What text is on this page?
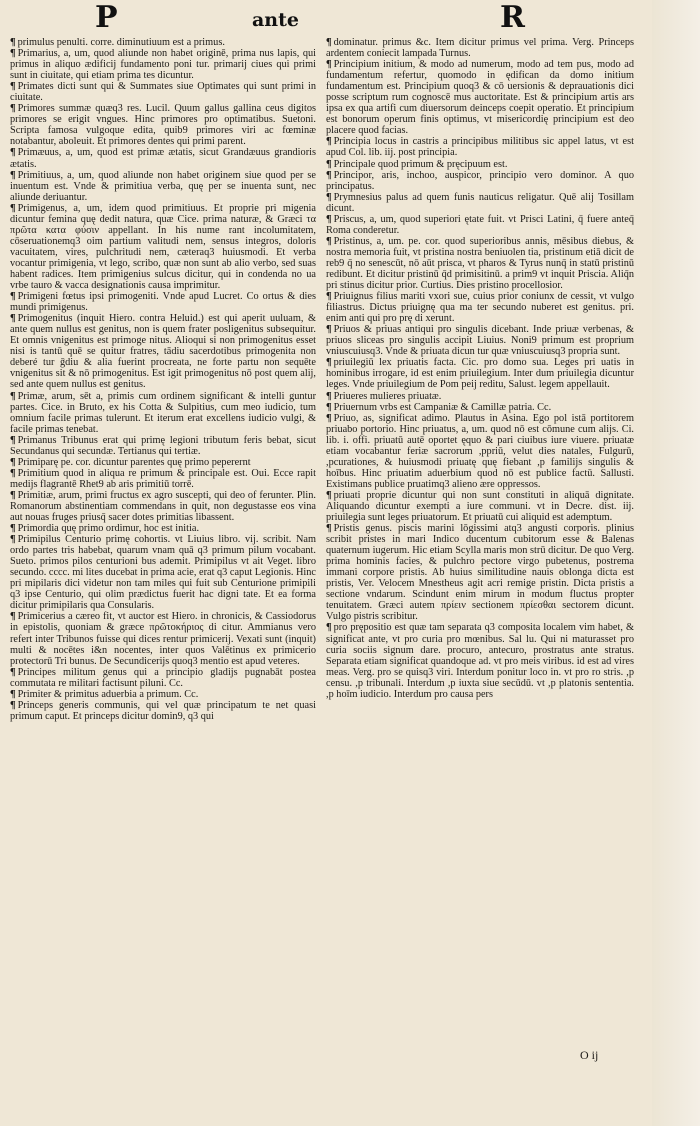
P	ante	R

¶ primulus penulti. corre. diminutiuum est a primus.

¶ Primarius, a, um, quod aliunde non habet originē, prima nus lapis, qui primus in aliquo ædificij fundamento poni tur. primarij ciues qui primi sunt in ciuitate, qui etiam prima tes dicuntur.

¶ Primates dicti sunt qui & Summates siue Optimates qui sunt primi in ciuitate.

¶ Primores summæ quæq3 res. Lucil. Quum gallus gallina ceus digitos primores se erigit vngues. Hinc primores pro optimatibus. Suetoni. Scripta famosa vulgoque edita, quib9 primores viri ac fœminæ notabantur, aboleuit. Et primores dentes qui primi parent.

¶ Primæuus, a, um, quod est primæ ætatis, sicut Grandæuus grandioris ætatis.

¶ Primitiuus, a, um, quod aliunde non habet originem siue quod per se inuentum est. Vnde & primitiua verba, quę per se inuenta sunt, nec aliunde deriuantur.

¶ Primigenus, a, um, idem quod primitiuus. Et proprie pri migenia dicuntur femina quę dedit natura, quæ Cice. prima naturæ, & Græci τα πρῶτα κατα φύσιν appellant. In his nume rant incolumitatem, cōseruationemq3 oim partium valitudi nem, sensus integros, doloris vacuitatem, vires, pulchritudi nem, cæteraq3 huiusmodi. Et verba vocantur primigenia, vt lego, scribo, quæ non sunt ab alio verbo, sed suas habent radices. Item primigenius sulcus dicitur, qui in condenda no ua vrbe tauro & vacca designationis causa imprimitur.

¶ Primigeni fœtus ipsi primogeniti. Vnde apud Lucret. Co ortus & dies mundi primigenus.

¶ Primogenitus (inquit Hiero. contra Heluid.) est qui aperit uuluam, & ante quem nullus est genitus, non is quem frater posligenitus subsequitur. Et omnis vnigenitus est primoge nitus. Alioqui si non primogenitus esset nisi is tantū quē se quitur fratres, tādiu sacerdotibus primogenita non deberé tur ḡdiu & alia fuerint procreata, ne forte partu non sequēte vnigenitus sit & nō primogenitus. Est igit primogenitus nō post quem alij, sed ante quem nullus est genitus.

¶ Primæ, arum, sēt a, primis cum ordinem significant & intelli guntur partes. Cice. in Bruto, ex his Cotta & Sulpitius, cum meo iudicio, tum omnium facile primas tulerunt. Et iterum erat excellens iudicio vulgi, & facile primas tenebat.

¶ Primanus Tribunus erat qui primę legioni tributum feris bebat, sicut Secundanus qui secundæ. Tertianus qui tertiæ.

¶ Primiparę pe. cor. dicuntur parentes quę primo peperernt

¶ Primitium quod in aliqua re primum & principale est. Oui. Ecce rapit medijs flagrantē Rhet9 ab aris primitiū torrē.

¶ Primitiæ, arum, primi fructus ex agro suscepti, qui deo of ferunter. Plin. Romanorum abstinentiam commendans in quit, non degustasse eos vina aut nouas fruges priusq̄ sacer dotes primitias libassent.

¶ Primordia quę primo ordimur, hoc est initia.

¶ Primipilus Centurio primę cohortis. vt Liuius libro. vij. scribit. Nam ordo partes tris habebat, quarum vnam quā q3 primum pilum vocabant. Sueto. primos pilos centurioni bus ademit. Primipilus vt ait Veget. libro secundo. cccc. mi lites ducebat in prima acie, erat q3 caput Legionis. Hinc pri mipilaris dici videtur non tam miles qui fuit sub Centurione primipili q3 ipse Centurio, qui olim prædictus fuerit hac digni tate. Et ea forma dicitur primipilaris qua Consularis.

¶ Primicerius a cæreo fit, vt auctor est Hiero. in chronicis, & Cassiodorus in epistolis, quoniam & græce πρῶτοκήριος di citur. Ammianus vero refert inter Tribunos fuisse qui dices rentur primicerij. Vexati sunt (inquit) multi & nocētes i&n nocentes, inter quos Valētinus ex primicerio protectorū Tri bunus. De Secundicerijs quoq3 mentio est apud veteres.

¶ Principes militum genus qui a principio gladijs pugnabāt postea commutata re militari factisunt piluni. Cc.

¶ Primiter & primitus aduerbia a primum. Cc.

¶ Princeps generis communis, qui vel quæ principatum te net quasi primum caput. Et princeps dicitur domin9, q3 qui

¶ dominatur. primus &c. Item dicitur primus vel prima. Verg. Princeps ardentem coniecit lampada Turnus.

¶ Principium initium, & modo ad numerum, modo ad tem pus, modo ad fundamentum refertur, quomodo in ędifican da domo initium fundamentum est. Principium quoq3 & cō uersionis & deprauationis dici posse scriptum rum cognoscē mus auctoritate. Est & principium artis ars ipsa ex qua artifi cum diuersorum deinceps coepit operatio. Et principium est bonorum operum finis optimus, vt misericordię principium est deo placere quod facias.

¶ Principia locus in castris a principibus militibus sic appel latus, vt est apud Col. lib. iij. post principia.

¶ Principale quod primum & pręcipuum est.

¶ Principor, aris, inchoo, auspicor, principio vero dominor. A quo principatus.

¶ Prymnesius palus ad quem funis nauticus religatur. Quē alij Tosillam dicunt.

¶ Priscus, a, um, quod superiori ętate fuit. vt Prisci Latini, q̄ fuere anteq̄ Roma conderetur.

¶ Pristinus, a, um. pe. cor. quod superioribus annis, mēsibus diebus, & nostra memoria fuit, vt pristina nostra beniuolen tia, pristinum etiā dicit de reb9 q̄ no senescūt, nō aūt prisca, vt pharos & Tyrus nunq̄ in statū pristinū redibunt. Et dicitur pristinū q̄d primisitinū. a prim9 vt inquit Priscia. Aliq̄n pri stinus dicitur prior. Curtius. Dies pristino procellosior.

¶ Priuignus filius mariti vxori sue, cuius prior coniunx de cessit, vt vulgo filiastrus. Dictus priuignę qua ma ter secundo nuberet est genitus. pri. enim anti qui pro prę di xerunt.

¶ Priuos & priuas antiqui pro singulis dicebant. Inde priuæ verbenas, & priuos sliceas pro singulis accipit Liuius. Noni9 primum est proprium vniuscuiusq3. Vnde & priuata dicun tur quæ vniuscuiusq3 propria sunt.

¶ priuilegiū lex priuatis facta. Cic. pro domo sua. Leges pri uatis in hominibus irrogare, id est enim priuilegium. Inter dum priuilegia dicuntur leges. Vnde priuilegium de Pom peij reditu, Salust. legem appellauit.

¶ Priueres mulieres priuatæ.

¶ Priuernum vrbs est Campaniæ & Camillæ patria. Cc.

¶ Priuo, as, significat adimo. Plautus in Asina. Ego pol istā portitorem priuabo portorio. Hinc priuatus, a, um. quod nō est cōmune cum alijs. Ci. lib. i. offi. priuatū autē oportet ęquo & pari ciuibus iure viuere. priuatæ etiam vocabantur feriæ sacrorum ,ppriū, velut dies natales, Fulgurū, ,pcurationes, & huiusmodi priuatę quę fiebant ,p familijs singulis & hoībus. Hinc priuatim aduerbium quod nō est publice factū. Sallusti. Existimans publice pruatimq3 alieno ære oppressos.

¶ priuati proprie dicuntur qui non sunt constituti in aliquā dignitate. Aliquando dicuntur exempti a iure communi. vt in Decre. dist. iij. priuilegia sunt leges priuatorum. Et priuatū cui aliquid est ademptum.

¶ Pristis genus. piscis marini lōgissimi atq3 angusti corporis. plinius scribit pristes in mari Indico ducentum cubitorum esse & Balenas quaternum iugerum. Hic etiam Scylla maris mon strū dicitur. De quo Verg. prima hominis facies, & pulchro pectore virgo pubetenus, postrema immani corpore pristis. Ab huius similitudine nauis oblonga dicta est pristis, Ver. Velocem Mnestheus agit acri remige pristin. Dicta pristis a sectione vndarum. Scindunt enim mirum in modum fluctus propter tenuitatem. Græci autem πρίειν sectionem πρίεσθαι sectorem dicunt. Vulgo pistris scribitur.

¶ pro prępositio est quæ tam separata q3 composita localem vim habet, & significat ante, vt pro curia pro mœnibus. Sal lu. Qui ni maturasset pro curia sociis signum dare. procuro, antecuro, prostratus ante stratus. Separata etiam significat quandoque ad. vt pro meis viribus. id est ad vires meas. Verg. pro se quisq3 viri. Interdum ponitur loco in. vt pro ro stris. ,p censu. ,p tribunali. Interdum ,p iuxta siue secūdū. vt ,p platonis sententia. ,p hoīm iudicio. Interdum pro causa pers

O ij
